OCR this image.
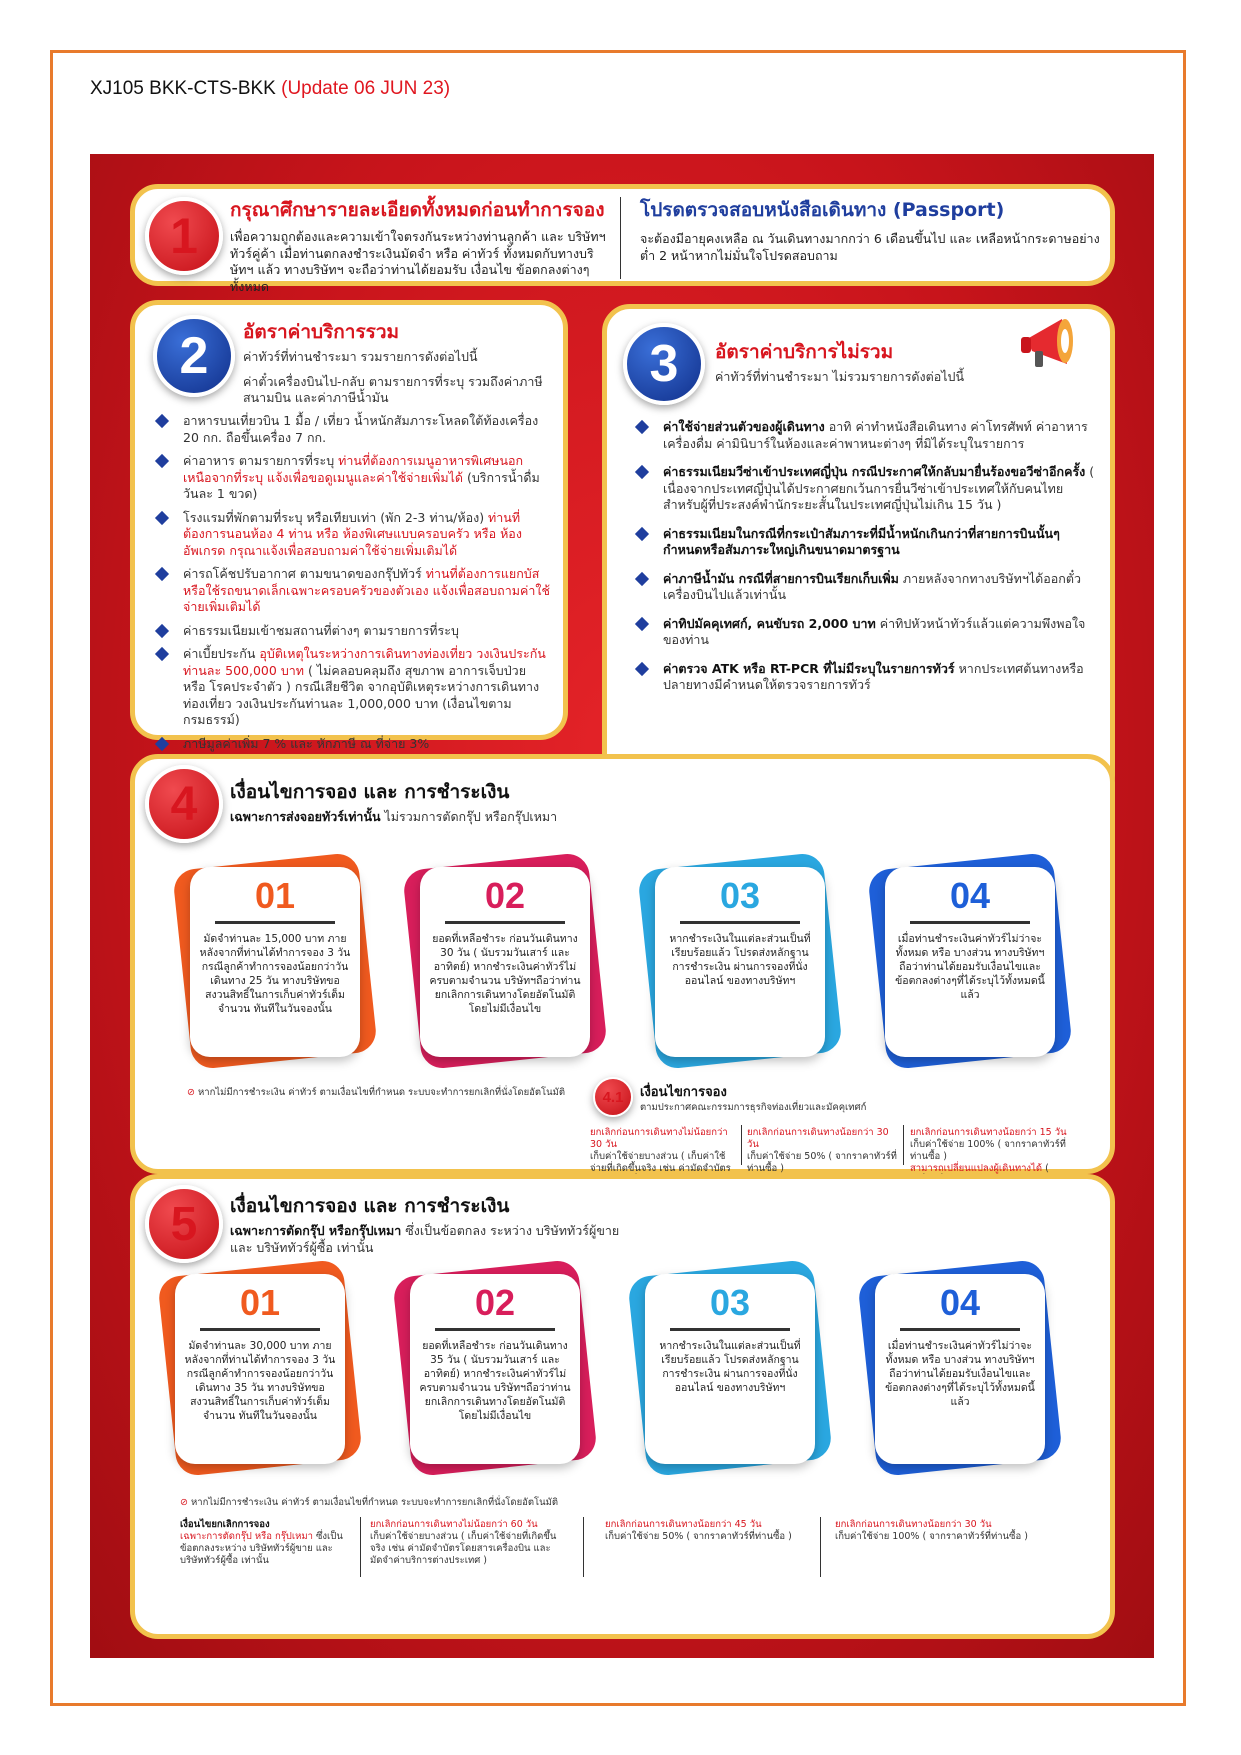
XJ105 BKK-CTS-BKK (Update 06 JUN 23)
1	กรุณาศึกษารายละเอียดทั้งหมดก่อนทำการจอง
เพื่อความถูกต้องและความเข้าใจตรงกันระหว่างท่านลูกค้า และ บริษัทฯ ทัวร์คู่ค้า เมื่อท่านตกลงชำระเงินมัดจำ หรือ ค่าทัวร์ ทั้งหมดกับทางบริษัทฯ แล้ว ทางบริษัทฯ จะถือว่าท่านได้ยอมรับ เงื่อนไข ข้อตกลงต่างๆ ทั้งหมด
โปรดตรวจสอบหนังสือเดินทาง (Passport)
จะต้องมีอายุคงเหลือ ณ วันเดินทางมากกว่า 6 เดือนขึ้นไป และ เหลือหน้ากระดาษอย่างต่ำ 2 หน้าหากไม่มั่นใจโปรดสอบถาม
2	อัตราค่าบริการรวม
ค่าทัวร์ที่ท่านชำระมา รวมรายการดังต่อไปนี้
ค่าตั๋วเครื่องบินไป-กลับ ตามรายการที่ระบุ รวมถึงค่าภาษี สนามบิน และค่าภาษีน้ำมัน
อาหารบนเที่ยวบิน 1 มื้อ / เที่ยว น้ำหนักสัมภาระโหลดใต้ท้องเครื่อง 20 กก. ถือขึ้นเครื่อง 7 กก.
ค่าอาหาร ตามรายการที่ระบุ ท่านที่ต้องการเมนูอาหารพิเศษนอกเหนือจากที่ระบุ แจ้งเพื่อขอดูเมนูและค่าใช้จ่ายเพิ่มได้ (บริการน้ำดื่มวันละ 1 ขวด)
โรงแรมที่พักตามที่ระบุ หรือเทียบเท่า (พัก 2-3 ท่าน/ห้อง) ท่านที่ต้องการนอนห้อง 4 ท่าน หรือ ห้องพิเศษแบบครอบครัว หรือ ห้องอัพเกรด กรุณาแจ้งเพื่อสอบถามค่าใช้จ่ายเพิ่มเติมได้
ค่ารถโค้ชปรับอากาศ ตามขนาดของกรุ๊ปทัวร์ ท่านที่ต้องการแยกบัส หรือใช้รถขนาดเล็กเฉพาะครอบครัวของตัวเอง แจ้งเพื่อสอบถามค่าใช้จ่ายเพิ่มเติมได้
ค่าธรรมเนียมเข้าชมสถานที่ต่างๆ ตามรายการที่ระบุ
ค่าเบี้ยประกัน อุบัติเหตุในระหว่างการเดินทางท่องเที่ยว วงเงินประกันท่านละ 500,000 บาท ( ไม่คลอบคลุมถึง สุขภาพ อาการเจ็บป่วย หรือ โรคประจำตัว ) กรณีเสียชีวิต จากอุบัติเหตุระหว่างการเดินทางท่องเที่ยว วงเงินประกันท่านละ 1,000,000 บาท (เงื่อนไขตามกรมธรรม์)
ภาษีมูลค่าเพิ่ม 7 % และ หักภาษี ณ ที่จ่าย 3%
3	อัตราค่าบริการไม่รวม
ค่าทัวร์ที่ท่านชำระมา ไม่รวมรายการดังต่อไปนี้
ค่าใช้จ่ายส่วนตัวของผู้เดินทาง อาทิ ค่าทำหนังสือเดินทาง ค่าโทรศัพท์ ค่าอาหาร เครื่องดื่ม ค่ามินิบาร์ในห้องและค่าพาหนะต่างๆ ที่มิได้ระบุในรายการ
ค่าธรรมเนียมวีซ่าเข้าประเทศญี่ปุ่น กรณีประกาศให้กลับมายื่นร้องขอวีซ่าอีกครั้ง ( เนื่องจากประเทศญี่ปุ่นได้ประกาศยกเว้นการยื่นวีซ่าเข้าประเทศให้กับคนไทยสำหรับผู้ที่ประสงค์พำนักระยะสั้นในประเทศญี่ปุ่นไม่เกิน 15 วัน )
ค่าธรรมเนียมในกรณีที่กระเป๋าสัมภาระที่มีน้ำหนักเกินกว่าที่สายการบินนั้นๆกำหนดหรือสัมภาระใหญ่เกินขนาดมาตรฐาน
ค่าภาษีน้ำมัน กรณีที่สายการบินเรียกเก็บเพิ่ม ภายหลังจากทางบริษัทฯได้ออกตั๋วเครื่องบินไปแล้วเท่านั้น
ค่าทิปมัคคุเทศก์, คนขับรถ 2,000 บาท ค่าทิปหัวหน้าทัวร์แล้วแต่ความพึงพอใจของท่าน
ค่าตรวจ ATK หรือ RT-PCR ที่ไม่มีระบุในรายการทัวร์ หากประเทศต้นทางหรือปลายทางมีคำหนดให้ตรวจรายการทัวร์
4	เงื่อนไขการจอง และ การชำระเงิน
เฉพาะการส่งจอยทัวร์เท่านั้น ไม่รวมการตัดกรุ๊ป หรือกรุ๊ปเหมา
01
มัดจำท่านละ 15,000 บาท ภายหลังจากที่ท่านได้ทำการจอง 3 วัน กรณีลูกค้าทำการจองน้อยกว่าวันเดินทาง 25 วัน ทางบริษัทขอสงวนสิทธิ์ในการเก็บค่าทัวร์เต็มจำนวน ทันทีในวันจองนั้น
02
ยอดที่เหลือชำระ ก่อนวันเดินทาง 30 วัน ( นับรวมวันเสาร์ และ อาทิตย์) หากชำระเงินค่าทัวร์ไม่ครบตามจำนวน บริษัทฯถือว่าท่านยกเลิกการเดินทางโดยอัตโนมัติ โดยไม่มีเงื่อนไข
03
หากชำระเงินในแต่ละส่วนเป็นที่เรียบร้อยแล้ว โปรดส่งหลักฐานการชำระเงิน ผ่านการจองที่นั่ง ออนไลน์ ของทางบริษัทฯ
04
เมื่อท่านชำระเงินค่าทัวร์ไม่ว่าจะทั้งหมด หรือ บางส่วน ทางบริษัทฯถือว่าท่านได้ยอมรับเงื่อนไขและข้อตกลงต่างๆที่ได้ระบุไว้ทั้งหมดนี้แล้ว
⊘ หากไม่มีการชำระเงิน ค่าทัวร์ ตามเงื่อนไขที่กำหนด ระบบจะทำการยกเลิกที่นั่งโดยอัตโนมัติ	4.1	เงื่อนไขการจอง
ตามประกาศคณะกรรมการธุรกิจท่องเที่ยวและมัคคุเทศก์
ยกเลิกก่อนการเดินทางไม่น้อยกว่า 30 วัน
เก็บค่าใช้จ่ายบางส่วน ( เก็บค่าใช้จ่ายที่เกิดขึ้นจริง เช่น ค่ามัดจำบัตร
ยกเลิกก่อนการเดินทางน้อยกว่า 30 วัน
เก็บค่าใช้จ่าย 50% ( จากราคาทัวร์ที่ท่านซื้อ )
ยกเลิกก่อนการเดินทางน้อยกว่า 15 วัน
เก็บค่าใช้จ่าย 100% ( จากราคาทัวร์ที่ท่านซื้อ )
สามารถเปลี่ยนแปลงผู้เดินทางได้ (
5	เงื่อนไขการจอง และ การชำระเงิน
เฉพาะการตัดกรุ๊ป หรือกรุ๊ปเหมา ซึ่งเป็นข้อตกลง ระหว่าง บริษัททัวร์ผู้ขาย และ บริษัททัวร์ผู้ซื้อ เท่านั้น
01
มัดจำท่านละ 30,000 บาท ภายหลังจากที่ท่านได้ทำการจอง 3 วัน กรณีลูกค้าทำการจองน้อยกว่าวันเดินทาง 35 วัน ทางบริษัทขอสงวนสิทธิ์ในการเก็บค่าทัวร์เต็มจำนวน ทันทีในวันจองนั้น
02
ยอดที่เหลือชำระ ก่อนวันเดินทาง 35 วัน ( นับรวมวันเสาร์ และ อาทิตย์) หากชำระเงินค่าทัวร์ไม่ครบตามจำนวน บริษัทฯถือว่าท่านยกเลิกการเดินทางโดยอัตโนมัติ โดยไม่มีเงื่อนไข
03
หากชำระเงินในแต่ละส่วนเป็นที่เรียบร้อยแล้ว โปรดส่งหลักฐานการชำระเงิน ผ่านการจองที่นั่ง ออนไลน์ ของทางบริษัทฯ
04
เมื่อท่านชำระเงินค่าทัวร์ไม่ว่าจะทั้งหมด หรือ บางส่วน ทางบริษัทฯถือว่าท่านได้ยอมรับเงื่อนไขและข้อตกลงต่างๆที่ได้ระบุไว้ทั้งหมดนี้แล้ว
⊘ หากไม่มีการชำระเงิน ค่าทัวร์ ตามเงื่อนไขที่กำหนด ระบบจะทำการยกเลิกที่นั่งโดยอัตโนมัติ
เงื่อนไขยกเลิกการจอง
เฉพาะการตัดกรุ๊ป หรือ กรุ๊ปเหมา ซึ่งเป็นข้อตกลงระหว่าง บริษัททัวร์ผู้ขาย และ บริษัททัวร์ผู้ซื้อ เท่านั้น
ยกเลิกก่อนการเดินทางไม่น้อยกว่า 60 วัน
เก็บค่าใช้จ่ายบางส่วน ( เก็บค่าใช้จ่ายที่เกิดขึ้นจริง เช่น ค่ามัดจำบัตรโดยสารเครื่องบิน และมัดจำค่าบริการต่างประเทศ )
ยกเลิกก่อนการเดินทางน้อยกว่า 45 วัน
เก็บค่าใช้จ่าย 50% ( จากราคาทัวร์ที่ท่านซื้อ )
ยกเลิกก่อนการเดินทางน้อยกว่า 30 วัน
เก็บค่าใช้จ่าย 100% ( จากราคาทัวร์ที่ท่านซื้อ )
